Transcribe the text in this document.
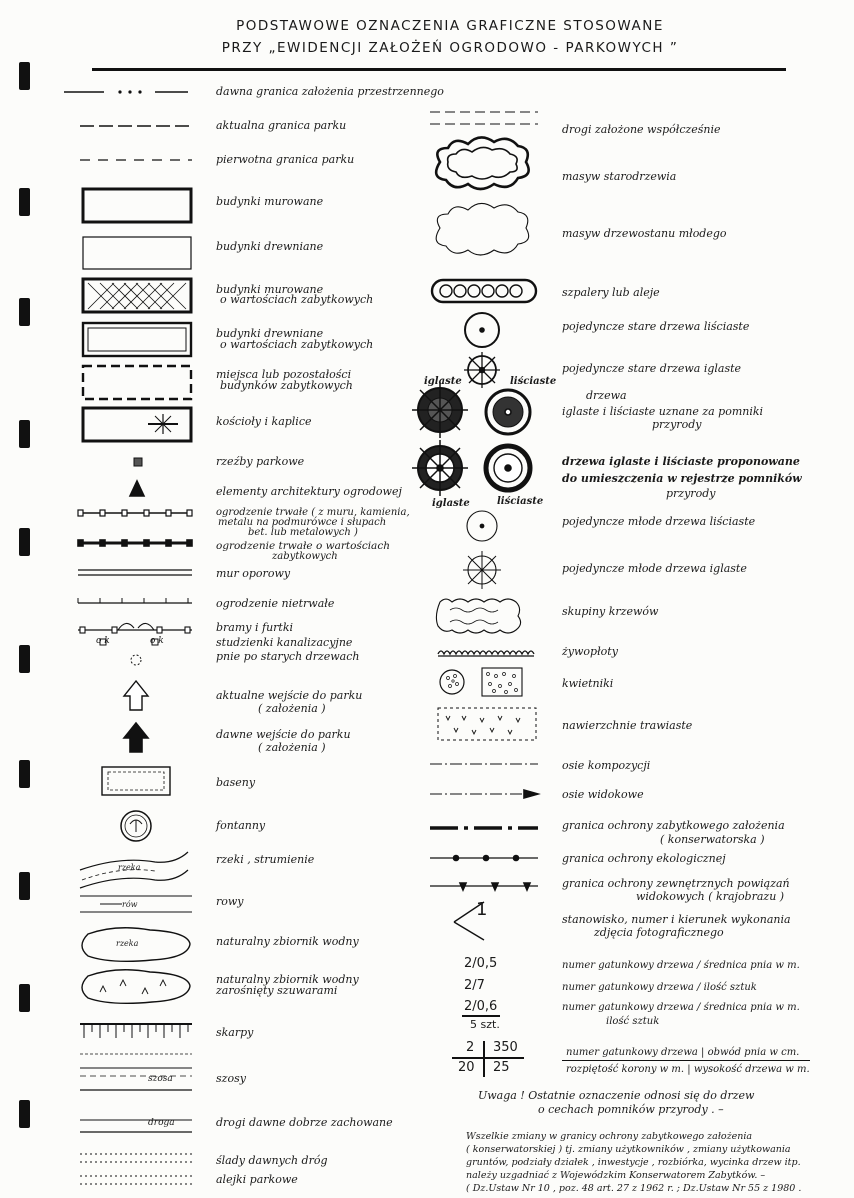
PODSTAWOWE OZNACZENIA GRAFICZNE STOSOWANE
PRZY „EWIDENCJI ZAŁOŻEŃ OGRODOWO - PARKOWYCH ”
o k	o k
rzeka
rów
rzeka
szosa
droga
dawna granica założenia przestrzennego
aktualna granica parku
pierwotna granica parku
budynki murowane
budynki drewniane
budynki murowane
o wartościach zabytkowych
budynki drewniane
o wartościach zabytkowych
miejsca lub pozostałości
budynków zabytkowych
kościoły i kaplice
rzeźby parkowe
elementy architektury ogrodowej
ogrodzenie trwałe ( z muru, kamienia,
metalu na podmurówce i słupach
bet. lub metalowych )
ogrodzenie trwałe o wartościach
zabytkowych
mur oporowy
ogrodzenie nietrwałe
bramy i furtki
studzienki kanalizacyjne
pnie po starych drzewach
aktualne wejście do parku
( założenia )
dawne wejście do parku
( założenia )
baseny
fontanny
rzeki , strumienie
rowy
naturalny zbiornik wodny
naturalny zbiornik wodny
zarośnięty szuwarami
skarpy
szosy
drogi dawne dobrze zachowane
ślady dawnych dróg
alejki parkowe
1
iglaste	liściaste
iglaste	liściaste
2/0,5
2/7
2/0,6
5 szt.
2 350
20 25
drogi założone współcześnie
masyw starodrzewia
masyw drzewostanu młodego
szpalery lub aleje
pojedyncze stare drzewa liściaste
pojedyncze stare drzewa iglaste
drzewa
iglaste i liściaste uznane za pomniki
przyrody
drzewa iglaste i liściaste proponowane
do umieszczenia w rejestrze pomników
przyrody
pojedyncze młode drzewa liściaste
pojedyncze młode drzewa iglaste
skupiny krzewów
żywopłoty
kwietniki
nawierzchnie trawiaste
osie kompozycji
osie widokowe
granica ochrony zabytkowego założenia
( konserwatorska )
granica ochrony ekologicznej
granica ochrony zewnętrznych powiązań
widokowych ( krajobrazu )
stanowisko, numer i kierunek wykonania
zdjęcia fotograficznego
numer gatunkowy drzewa / średnica pnia w m.
numer gatunkowy drzewa / ilość sztuk
numer gatunkowy drzewa / średnica pnia w m.
ilość sztuk
numer gatunkowy drzewa | obwód pnia w cm.
rozpiętość korony w m. | wysokość drzewa w m.
Uwaga ! Ostatnie oznaczenie odnosi się do drzew
o cechach pomników przyrody . –
Wszelkie zmiany w granicy ochrony zabytkowego założenia
( konserwatorskiej ) tj. zmiany użytkowników , zmiany użytkowania
gruntów, podziały działek , inwestycje , rozbiórka, wycinka drzew itp.
należy uzgadniać z Wojewódzkim Konserwatorem Zabytków. –
( Dz.Ustaw Nr 10 , poz. 48 art. 27 z 1962 r. ; Dz.Ustaw Nr 55 z 1980 .
